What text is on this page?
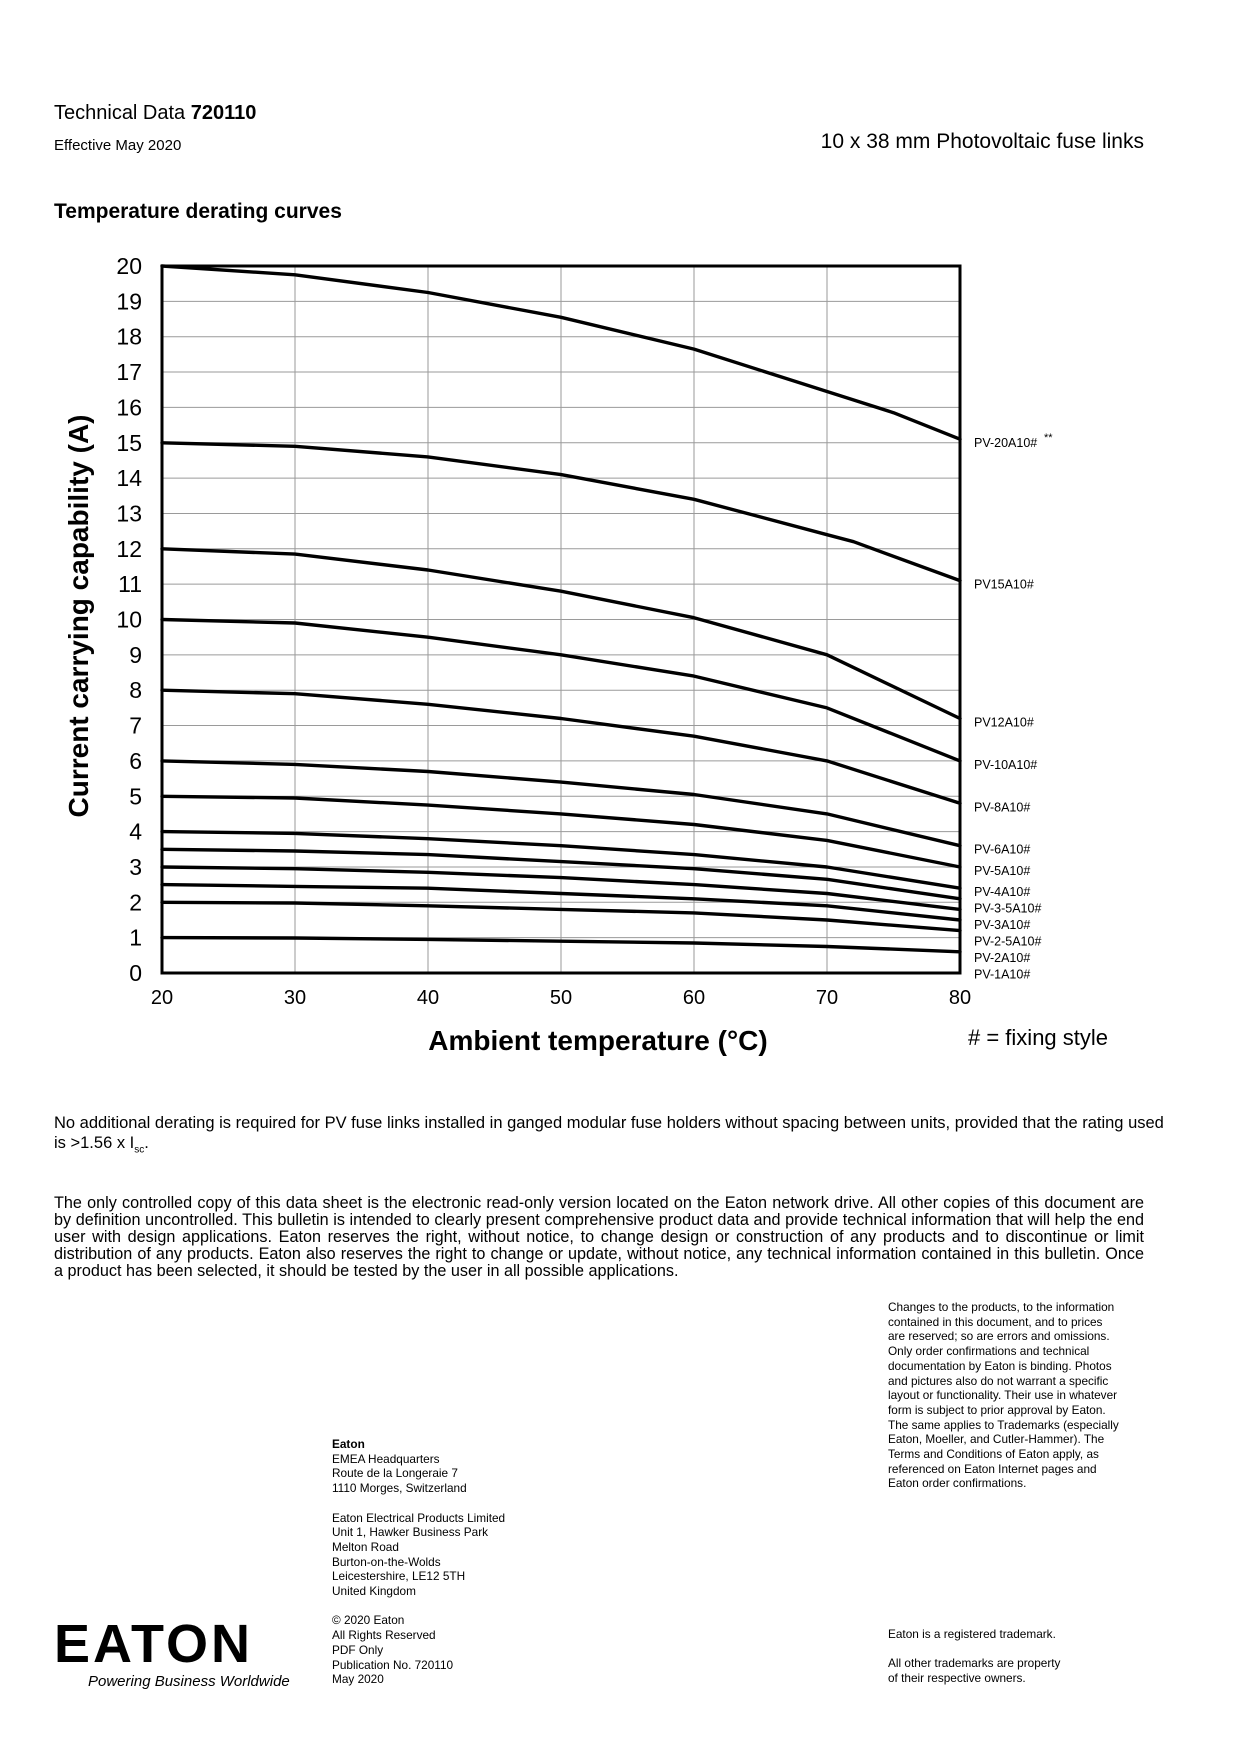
Technical Data 720110
Effective May 2020	10 x 38 mm Photovoltaic fuse links
Temperature derating curves
0
1
2
3
4
5
6
7
8
9
10
11
12
13
14
15
16
17
18
19
20
20	30	40	50	60	70	80
PV-20A10# **
PV15A10#
PV12A10#
PV-10A10#
PV-8A10#
PV-6A10#
PV-5A10#
PV-4A10#
PV-3-5A10#
PV-3A10#
PV-2-5A10#
PV-2A10#
PV-1A10#
Current carrying capability (A)
Ambient temperature (°C)	# = fixing style
No additional derating is required for PV fuse links installed in ganged modular fuse holders without spacing between units, provided that the rating used is >1.56 x $I_{sc}$.
The only controlled copy of this data sheet is the electronic read-only version located on the Eaton network drive. All other copies of this document are by definition uncontrolled. This bulletin is intended to clearly present comprehensive product data and provide technical information that will help the end user with design applications. Eaton reserves the right, without notice, to change design or construction of any products and to discontinue or limit distribution of any products. Eaton also reserves the right to change or update, without notice, any technical information contained in this bulletin. Once a product has been selected, it should be tested by the user in all possible applications.
Changes to the products, to the information
contained in this document, and to prices
are reserved; so are errors and omissions.
Only order confirmations and technical
documentation by Eaton is binding. Photos
and pictures also do not warrant a specific
layout or functionality. Their use in whatever
form is subject to prior approval by Eaton.
The same applies to Trademarks (especially
Eaton, Moeller, and Cutler-Hammer). The
Terms and Conditions of Eaton apply, as
referenced on Eaton Internet pages and
Eaton order confirmations.
Eaton
EMEA Headquarters
Route de la Longeraie 7
1110 Morges, Switzerland
Eaton Electrical Products Limited
Unit 1, Hawker Business Park
Melton Road
Burton-on-the-Wolds
Leicestershire, LE12 5TH
United Kingdom
© 2020 Eaton
All Rights Reserved
PDF Only
Publication No. 720110
May 2020
Eaton is a registered trademark.
All other trademarks are property
of their respective owners.
EATON
Powering Business Worldwide
